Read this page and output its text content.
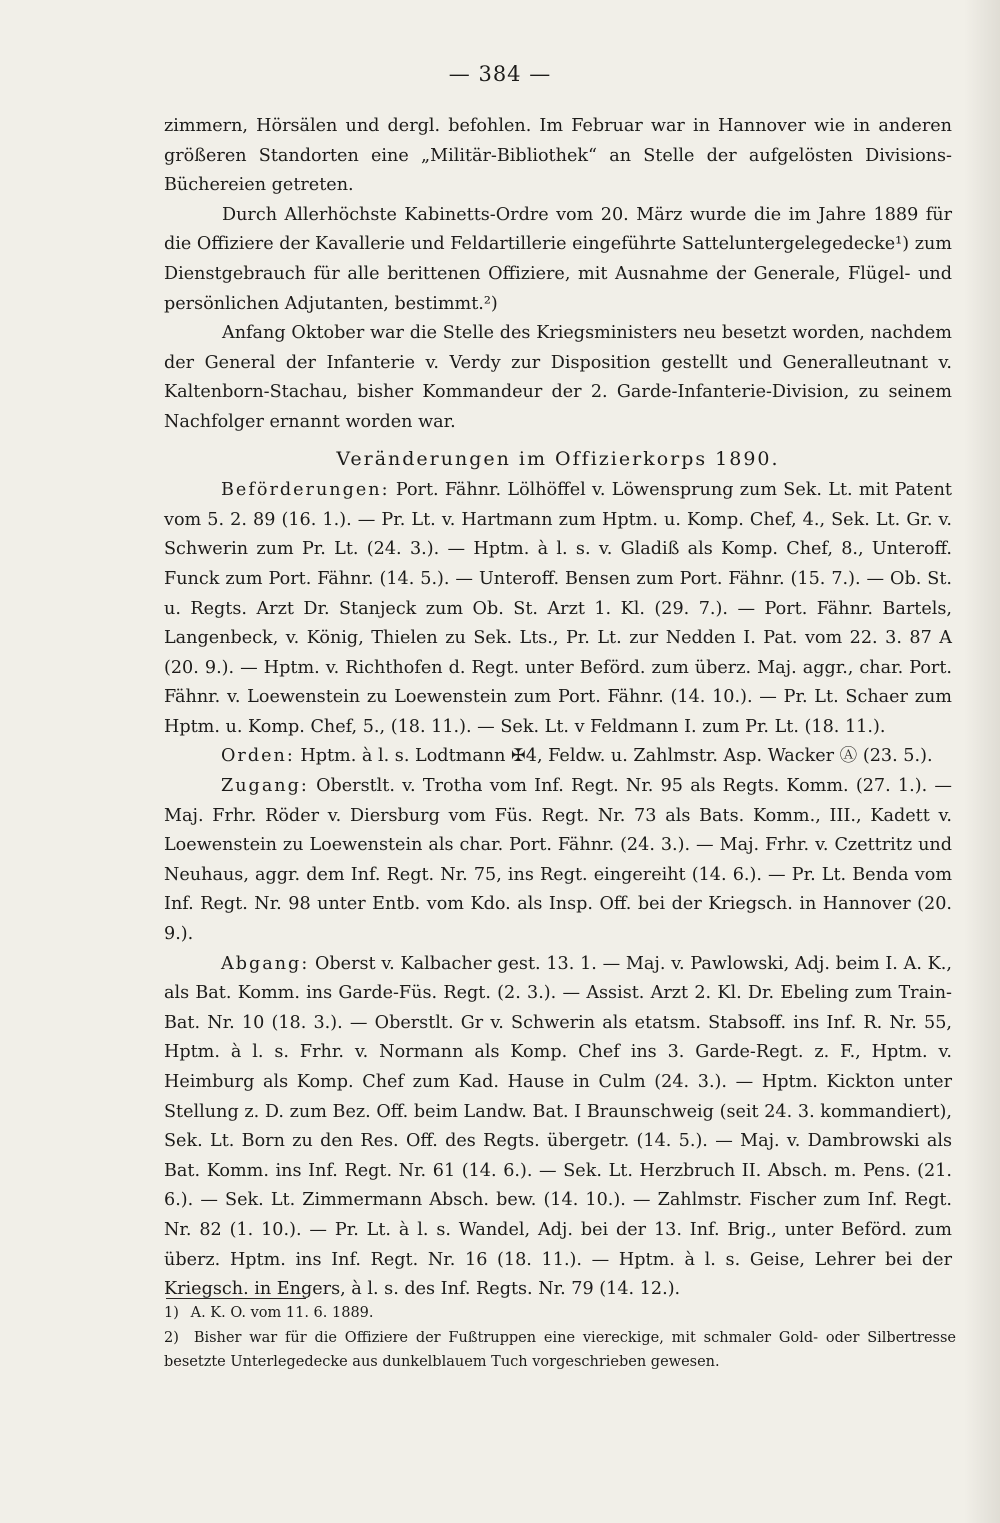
— 384 —

zimmern, Hörsälen und dergl. befohlen. Im Februar war in Hannover wie in anderen größeren Standorten eine „Militär-Bibliothek“ an Stelle der aufgelösten Divisions-Büchereien getreten.

Durch Allerhöchste Kabinetts-Ordre vom 20. März wurde die im Jahre 1889 für die Offiziere der Kavallerie und Feldartillerie eingeführte Satteluntergelegedecke¹) zum Dienstgebrauch für alle berittenen Offiziere, mit Ausnahme der Generale, Flügel- und persönlichen Adjutanten, bestimmt.²)

Anfang Oktober war die Stelle des Kriegsministers neu besetzt worden, nachdem der General der Infanterie v. Verdy zur Disposition gestellt und Generalleutnant v. Kaltenborn-Stachau, bisher Kommandeur der 2. Garde-Infanterie-Division, zu seinem Nachfolger ernannt worden war.

Veränderungen im Offizierkorps 1890.

Beförderungen: Port. Fähnr. Lölhöffel v. Löwensprung zum Sek. Lt. mit Patent vom 5. 2. 89 (16. 1.). — Pr. Lt. v. Hartmann zum Hptm. u. Komp. Chef, 4., Sek. Lt. Gr. v. Schwerin zum Pr. Lt. (24. 3.). — Hptm. à l. s. v. Gladiß als Komp. Chef, 8., Unteroff. Funck zum Port. Fähnr. (14. 5.). — Unteroff. Bensen zum Port. Fähnr. (15. 7.). — Ob. St. u. Regts. Arzt Dr. Stanjeck zum Ob. St. Arzt 1. Kl. (29. 7.). — Port. Fähnr. Bartels, Langenbeck, v. König, Thielen zu Sek. Lts., Pr. Lt. zur Nedden I. Pat. vom 22. 3. 87 A (20. 9.). — Hptm. v. Richthofen d. Regt. unter Beförd. zum überz. Maj. aggr., char. Port. Fähnr. v. Loewenstein zu Loewenstein zum Port. Fähnr. (14. 10.). — Pr. Lt. Schaer zum Hptm. u. Komp. Chef, 5., (18. 11.). — Sek. Lt. v Feldmann I. zum Pr. Lt. (18. 11.).

Orden: Hptm. à l. s. Lodtmann ✠4, Feldw. u. Zahlmstr. Asp. Wacker Ⓐ (23. 5.).

Zugang: Oberstlt. v. Trotha vom Inf. Regt. Nr. 95 als Regts. Komm. (27. 1.). — Maj. Frhr. Röder v. Diersburg vom Füs. Regt. Nr. 73 als Bats. Komm., III., Kadett v. Loewenstein zu Loewenstein als char. Port. Fähnr. (24. 3.). — Maj. Frhr. v. Czettritz und Neuhaus, aggr. dem Inf. Regt. Nr. 75, ins Regt. eingereiht (14. 6.). — Pr. Lt. Benda vom Inf. Regt. Nr. 98 unter Entb. vom Kdo. als Insp. Off. bei der Kriegsch. in Hannover (20. 9.).

Abgang: Oberst v. Kalbacher gest. 13. 1. — Maj. v. Pawlowski, Adj. beim I. A. K., als Bat. Komm. ins Garde-Füs. Regt. (2. 3.). — Assist. Arzt 2. Kl. Dr. Ebeling zum Train-Bat. Nr. 10 (18. 3.). — Oberstlt. Gr v. Schwerin als etatsm. Stabsoff. ins Inf. R. Nr. 55, Hptm. à l. s. Frhr. v. Normann als Komp. Chef ins 3. Garde-Regt. z. F., Hptm. v. Heimburg als Komp. Chef zum Kad. Hause in Culm (24. 3.). — Hptm. Kickton unter Stellung z. D. zum Bez. Off. beim Landw. Bat. I Braunschweig (seit 24. 3. kommandiert), Sek. Lt. Born zu den Res. Off. des Regts. übergetr. (14. 5.). — Maj. v. Dambrowski als Bat. Komm. ins Inf. Regt. Nr. 61 (14. 6.). — Sek. Lt. Herzbruch II. Absch. m. Pens. (21. 6.). — Sek. Lt. Zimmermann Absch. bew. (14. 10.). — Zahlmstr. Fischer zum Inf. Regt. Nr. 82 (1. 10.). — Pr. Lt. à l. s. Wandel, Adj. bei der 13. Inf. Brig., unter Beförd. zum überz. Hptm. ins Inf. Regt. Nr. 16 (18. 11.). — Hptm. à l. s. Geise, Lehrer bei der Kriegsch. in Engers, à l. s. des Inf. Regts. Nr. 79 (14. 12.).

1) A. K. O. vom 11. 6. 1889.

2) Bisher war für die Offiziere der Fußtruppen eine viereckige, mit schmaler Gold- oder Silbertresse besetzte Unterlegedecke aus dunkelblauem Tuch vorgeschrieben gewesen.
